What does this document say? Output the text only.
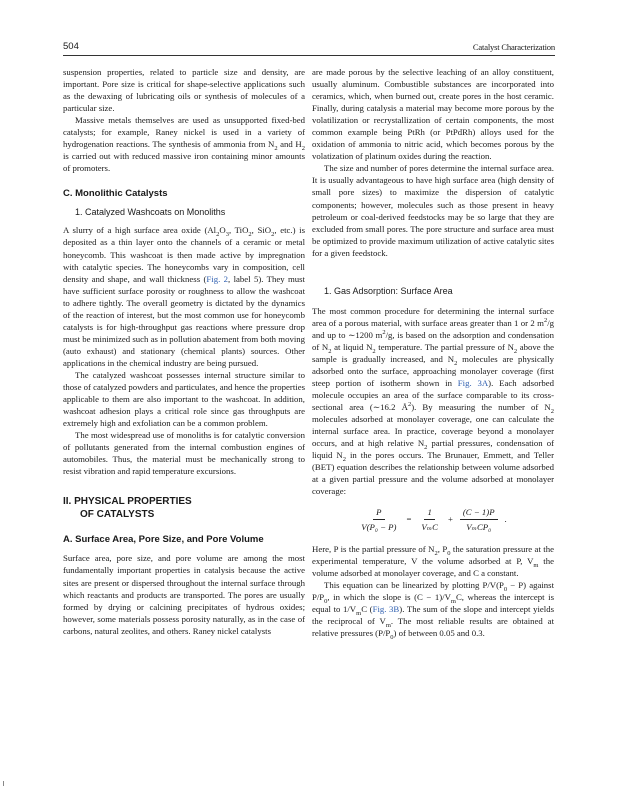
504	Catalyst Characterization

suspension properties, related to particle size and density, are important. Pore size is critical for shape-selective applications such as the dewaxing of lubricating oils or synthesis of molecules of a particular size.

Massive metals themselves are used as unsupported fixed-bed catalysts; for example, Raney nickel is used in a variety of hydrogenation reactions. The synthesis of ammonia from $N_2$ and $H_2$ is carried out with reduced massive iron containing minor amounts of promoters.

C. Monolithic Catalysts
1. Catalyzed Washcoats on Monoliths

A slurry of a high surface area oxide ($Al_2O_3$, TiO$_2$, SiO$_2$, etc.) is deposited as a thin layer onto the channels of a ceramic or metal honeycomb. This washcoat is then made active by impregnation with catalytic species. The honeycombs vary in composition, cell density and shape, and wall thickness (Fig. 2, label 5). They must have sufficient surface porosity or roughness to allow the washcoat to adhere tightly. The overall geometry is dictated by the dynamics of the reaction of interest, but the most common use for honeycomb catalysts is for high-throughput gas reactions where pressure drop must be minimized such as in pollution abatement from both moving (auto exhaust) and stationary (chemical plants) sources. Other applications in the chemical industry are being pursued.

The catalyzed washcoat possesses internal structure similar to those of catalyzed powders and particulates, and hence the properties applicable to them are also important to the washcoat. In addition, washcoat adhesion plays a critical role since gas throughputs are extremely high and exfoliation can be a common problem.

The most widespread use of monoliths is for catalytic conversion of pollutants generated from the internal combustion engines of automobiles. Thus, the material must be mechanically strong to resist vibration and rapid temperature excursions.

II. PHYSICAL PROPERTIES
OF CATALYSTS
A. Surface Area, Pore Size, and Pore Volume

Surface area, pore size, and pore volume are among the most fundamentally important properties in catalysis because the active sites are present or dispersed throughout the internal surface through which reactants and products are transported. The pores are usually formed by drying or calcining precipitates of hydrous oxides; however, some materials possess porosity naturally, as in the case of carbons, natural zeolites, and others. Raney nickel catalysts

are made porous by the selective leaching of an alloy constituent, usually aluminum. Combustible substances are incorporated into ceramics, which, when burned out, create pores in the host ceramic. Finally, during catalysis a material may become more porous by the volatilization or recrystallization of certain components, the most common example being PtRh (or PtPdRh) alloys used for the oxidation of ammonia to nitric acid, which becomes porous by the volatization of platinum oxides during the reaction.

The size and number of pores determine the internal surface area. It is usually advantageous to have high surface area (high density of small pore sizes) to maximize the dispersion of catalytic components; however, molecules such as those present in heavy petroleum or coal-derived feedstocks may be so large that they are excluded from small pores. The pore structure and surface area must be optimized to provide maximum utilization of active catalytic sites for a given feedstock.

1. Gas Adsorption: Surface Area

The most common procedure for determining the internal surface area of a porous material, with surface areas greater than 1 or 2 $m^2/g$ and up to ∼1200 $m^2/g$, is based on the adsorption and condensation of $N_2$ at liquid $N_2$ temperature. The partial pressure of $N_2$ above the sample is gradually increased, and $N_2$ molecules are physically adsorbed onto the surface, approaching monolayer coverage (first steep portion of isotherm shown in Fig. 3A). Each adsorbed molecule occupies an area of the surface comparable to its cross-sectional area (∼16.2 $Å^2$). By measuring the number of $N_2$ molecules adsorbed at monolayer coverage, one can calculate the internal surface area. In practice, coverage beyond a monolayer occurs, and at high relative $N_2$ partial pressures, condensation of liquid $N_2$ in the pores occurs. The Brunauer, Emmett, and Teller (BET) equation describes the relationship between volume adsorbed at a given partial pressure and the volume adsorbed at monolayer coverage:

$\frac{P}{\text{V(P₀ − P)}} = \frac{1}{\text{VₘC}} + \frac{(C - 1)P}{\text{VₘCP₀}}$ .

Here, P is the partial pressure of $N_2$, $P_0$ the saturation pressure at the experimental temperature, V the volume adsorbed at P, $V_m$ the volume adsorbed at monolayer coverage, and C a constant.

This equation can be linearized by plotting $P/V(P_0 - P)$ against $P/P_0$, in which the slope is $(C - 1)/V_mC$, whereas the intercept is equal to $1/V_mC$ (Fig. 3B). The sum of the slope and intercept yields the reciprocal of $V_m$. The most reliable results are obtained at relative pressures $(P/P_0)$ of between 0.05 and 0.3.
